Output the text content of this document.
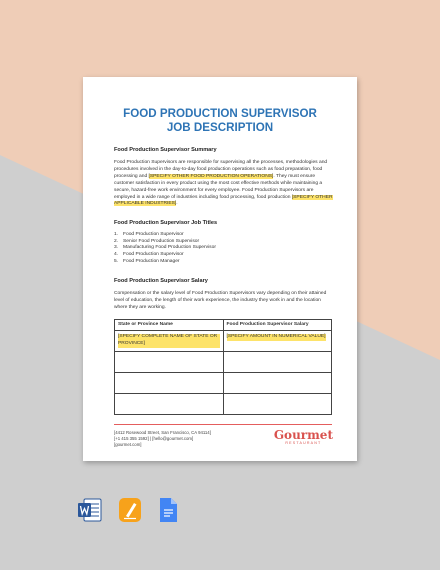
FOOD PRODUCTION SUPERVISOR
JOB DESCRIPTION
Food Production Supervisor Summary

Food Production Supervisors are responsible for supervising all the processes, methodologies and procedures involved in the day-to-day food production operations such as food preparation, food processing and [SPECIFY OTHER FOOD PRODUCTION OPERATIONS]. They must ensure customer satisfaction in every product using the most cost effective methods while maintaining a secure, hazard-free work environment for every employee. Food Production Supervisors are employed in a wide range of industries including food processing, food production [SPECIFY OTHER APPLICABLE INDUSTRIES].

Food Production Supervisor Job Titles
1. Food Production Supervisor
2. Senior Food Production Supervisor
3. Manufacturing Food Production Supervisor
4. Food Production Supervisor
5. Food Production Manager
Food Production Supervisor Salary

Compensation or the salary level of Food Production Supervisors vary depending on their attained level of education, the length of their work experience, the industry they work in and the location where they are working.

State or Province Name	Food Production Supervisor Salary
[SPECIFY COMPLETE NAME OF STATE OR PROVINCE]	[SPECIFY AMOUNT IN NUMERICAL VALUE]

[4412 Rosewood Street, San Francisco, CA 94114]
[+1 415 355 1592] | [hello@gourmet.com]
[gourmet.com]
Gourmet
RESTAURANT
